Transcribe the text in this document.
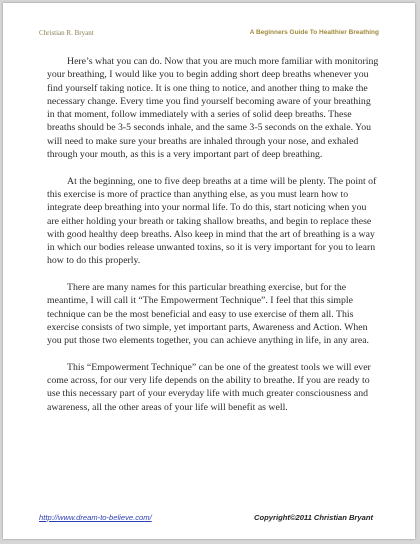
Christian R. Bryant	A Beginners Guide To Healthier Breathing

Here’s what you can do. Now that you are much more familiar with monitoring your breathing, I would like you to begin adding short deep breaths whenever you find yourself taking notice. It is one thing to notice, and another thing to make the necessary change. Every time you find yourself becoming aware of your breathing in that moment, follow immediately with a series of solid deep breaths. These breaths should be 3-5 seconds inhale, and the same 3-5 seconds on the exhale. You will need to make sure your breaths are inhaled through your nose, and exhaled through your mouth, as this is a very important part of deep breathing.

At the beginning, one to five deep breaths at a time will be plenty. The point of this exercise is more of practice than anything else, as you must learn how to integrate deep breathing into your normal life. To do this, start noticing when you are either holding your breath or taking shallow breaths, and begin to replace these with good healthy deep breaths. Also keep in mind that the art of breathing is a way in which our bodies release unwanted toxins, so it is very important for you to learn how to do this properly.

There are many names for this particular breathing exercise, but for the meantime, I will call it “The Empowerment Technique”. I feel that this simple technique can be the most beneficial and easy to use exercise of them all. This exercise consists of two simple, yet important parts, Awareness and Action. When you put those two elements together, you can achieve anything in life, in any area.

This “Empowerment Technique” can be one of the greatest tools we will ever come across, for our very life depends on the ability to breathe. If you are ready to use this necessary part of your everyday life with much greater consciousness and awareness, all the other areas of your life will benefit as well.

http://www.dream-to-believe.com/	Copyright©2011 Christian Bryant
